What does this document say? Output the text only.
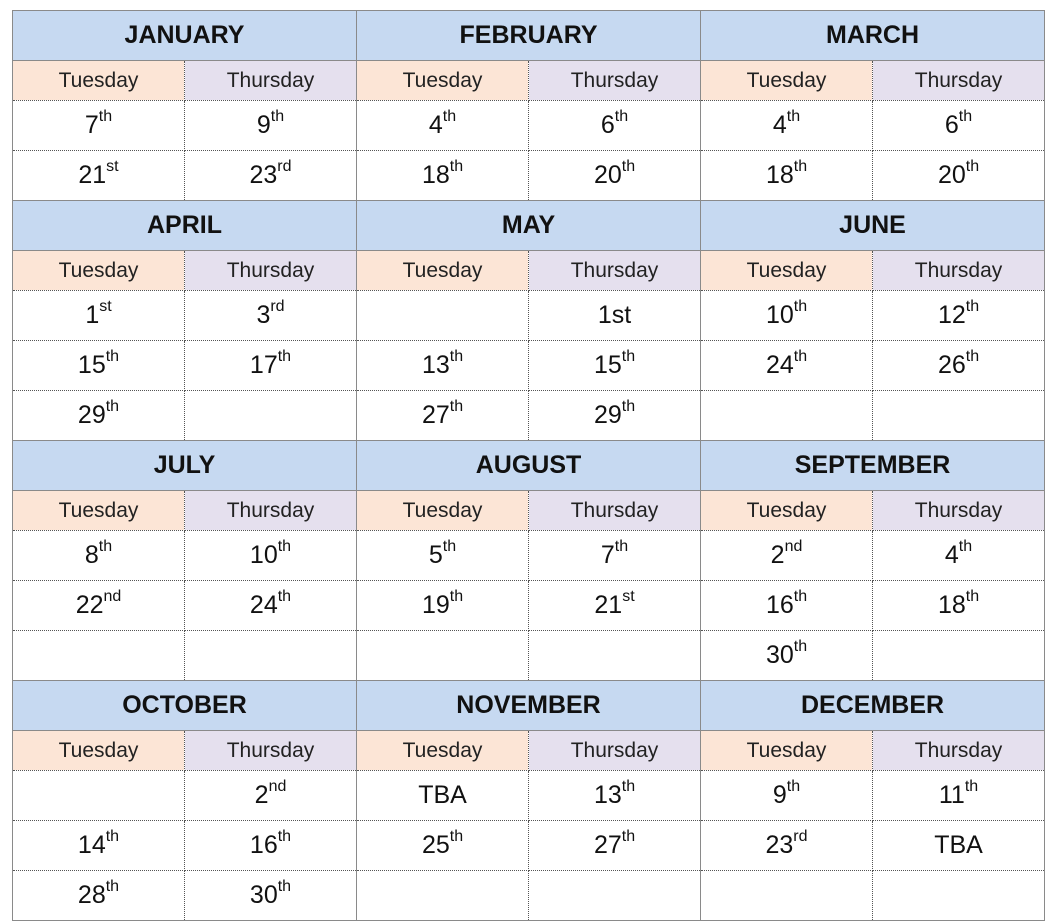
JANUARY		FEBRUARY		MARCH	
Tuesday	Thursday	Tuesday	Thursday	Tuesday	Thursday
7th	9th	4th	6th	4th	6th
21st	23rd	18th	20th	18th	20th
APRIL		MAY		JUNE	
Tuesday	Thursday	Tuesday	Thursday	Tuesday	Thursday
1st	3rd		1st	10th	12th
15th	17th	13th	15th	24th	26th
29th		27th	29th		
JULY		AUGUST		SEPTEMBER	
Tuesday	Thursday	Tuesday	Thursday	Tuesday	Thursday
8th	10th	5th	7th	2nd	4th
22nd	24th	19th	21st	16th	18th
				30th	
OCTOBER		NOVEMBER		DECEMBER	
Tuesday	Thursday	Tuesday	Thursday	Tuesday	Thursday
	2nd	TBA	13th	9th	11th
14th	16th	25th	27th	23rd	TBA
28th	30th				
